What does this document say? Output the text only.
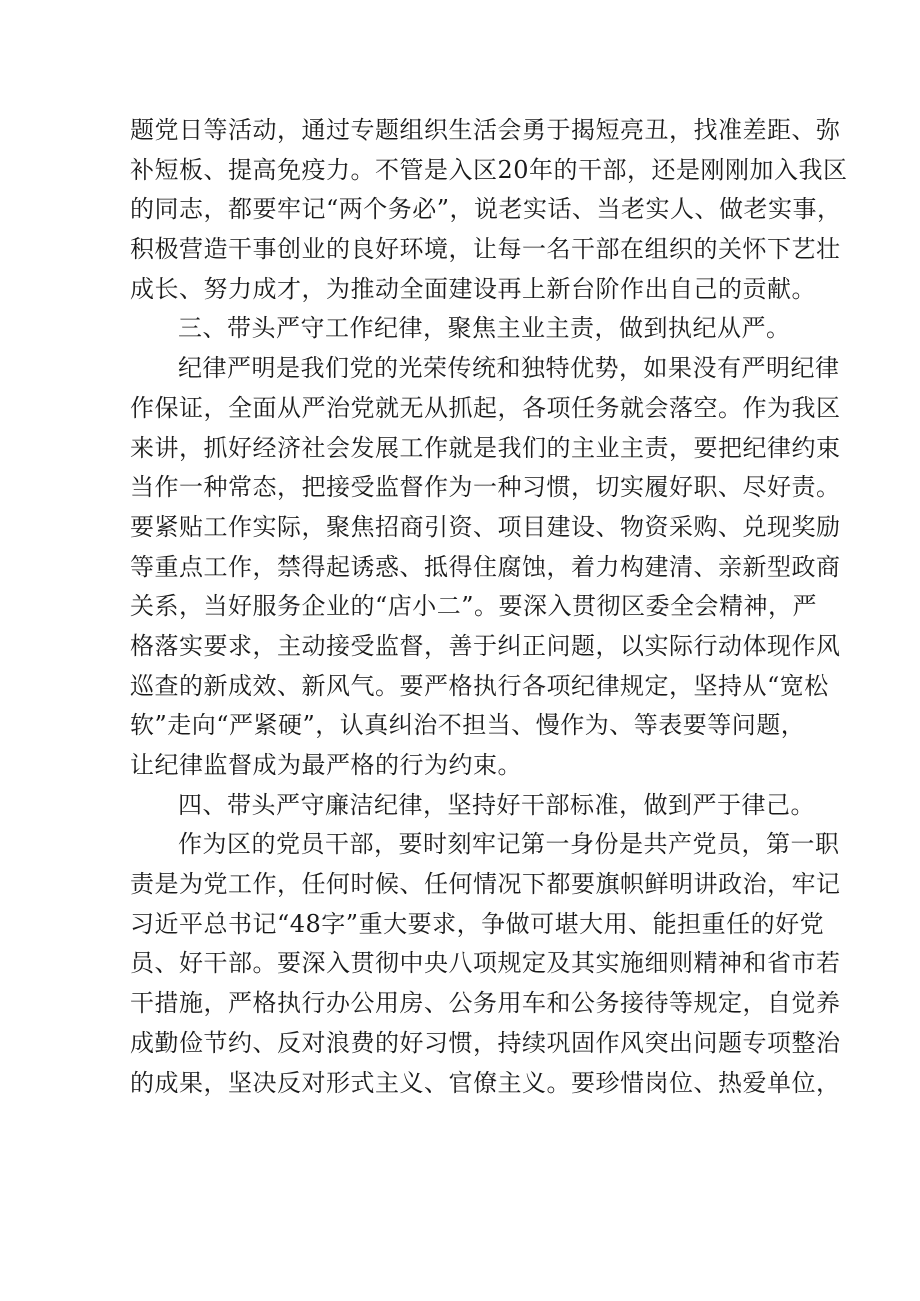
题党日等活动，通过专题组织生活会勇于揭短亮丑，找准差距、弥
补短板、提高免疫力。不管是入区20年的干部，还是刚刚加入我区
的同志，都要牢记“两个务必”，说老实话、当老实人、做老实事，
积极营造干事创业的良好环境，让每一名干部在组织的关怀下艺壮
成长、努力成才，为推动全面建设再上新台阶作出自己的贡献。
三、带头严守工作纪律，聚焦主业主责，做到执纪从严。
纪律严明是我们党的光荣传统和独特优势，如果没有严明纪律
作保证，全面从严治党就无从抓起，各项任务就会落空。作为我区
来讲，抓好经济社会发展工作就是我们的主业主责，要把纪律约束
当作一种常态，把接受监督作为一种习惯，切实履好职、尽好责。
要紧贴工作实际，聚焦招商引资、项目建设、物资采购、兑现奖励
等重点工作，禁得起诱惑、抵得住腐蚀，着力构建清、亲新型政商
关系，当好服务企业的“店小二”。要深入贯彻区委全会精神，严
格落实要求，主动接受监督，善于纠正问题，以实际行动体现作风
巡查的新成效、新风气。要严格执行各项纪律规定，坚持从“宽松
软”走向“严紧硬”，认真纠治不担当、慢作为、等表要等问题，
让纪律监督成为最严格的行为约束。
四、带头严守廉洁纪律，坚持好干部标准，做到严于律己。
作为区的党员干部，要时刻牢记第一身份是共产党员，第一职
责是为党工作，任何时候、任何情况下都要旗帜鲜明讲政治，牢记
习近平总书记“48字”重大要求，争做可堪大用、能担重任的好党
员、好干部。要深入贯彻中央八项规定及其实施细则精神和省市若
干措施，严格执行办公用房、公务用车和公务接待等规定，自觉养
成勤俭节约、反对浪费的好习惯，持续巩固作风突出问题专项整治
的成果，坚决反对形式主义、官僚主义。要珍惜岗位、热爱单位，
